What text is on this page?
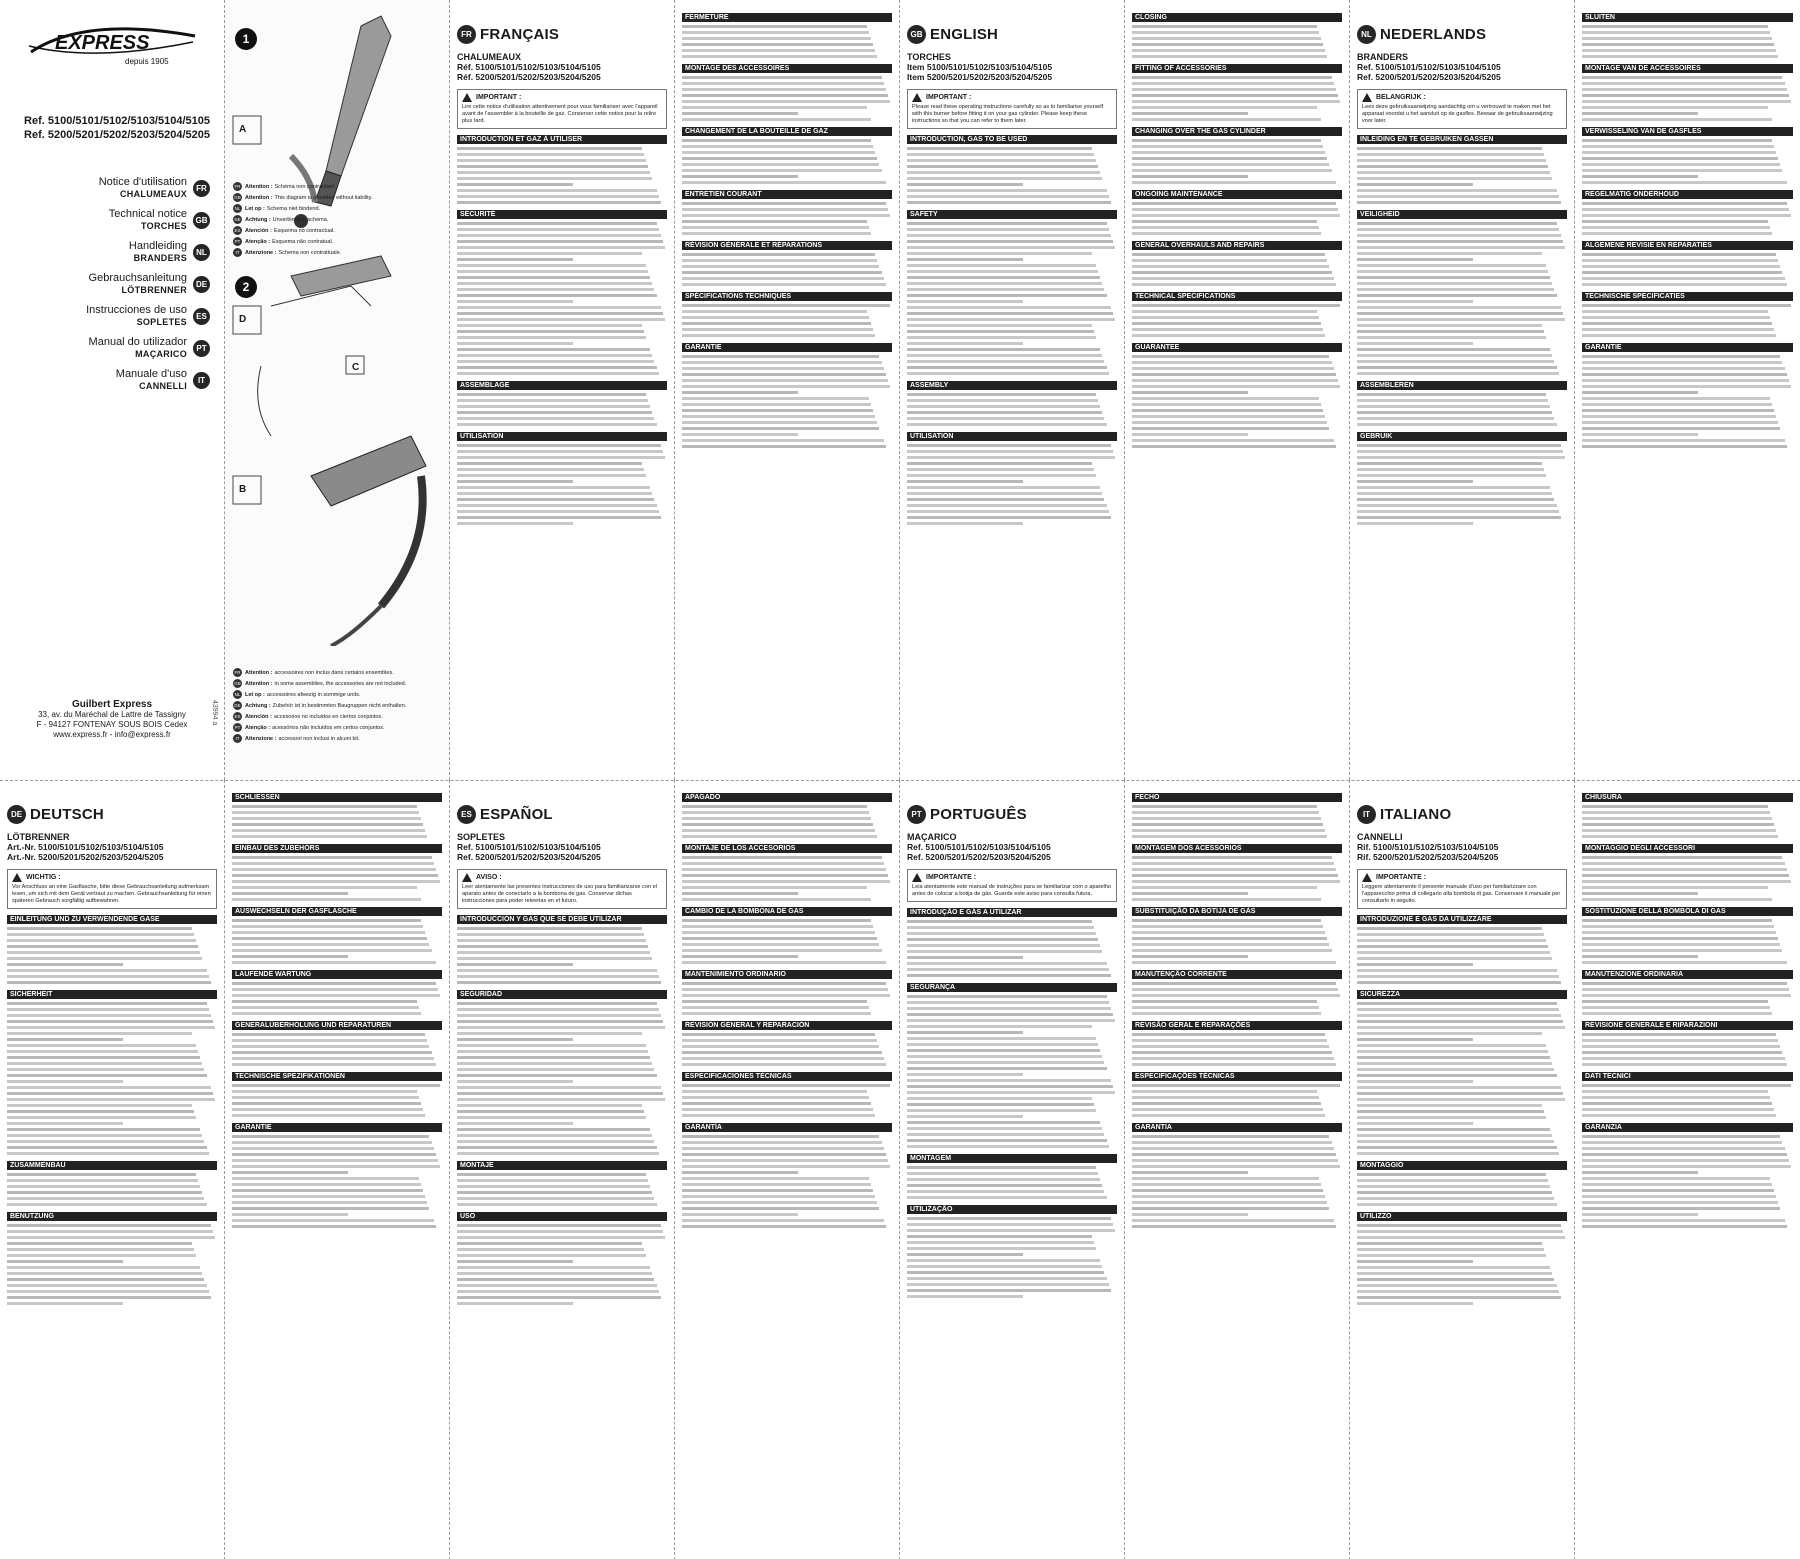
EXPRESS
depuis 1905
Ref. 5100/5101/5102/5103/5104/5105
Ref. 5200/5201/5202/5203/5204/5205
Notice d'utilisation
CHALUMEAUX
FR
Technical notice
TORCHES
GB
Handleiding
BRANDERS
NL
Gebrauchsanleitung
LÖTBRENNER
DE
Instrucciones de uso
SOPLETES
ES
Manual do utilizador
MAÇARICO
PT
Manuale d'uso
CANNELLI
IT
Guilbert Express
33, av. du Maréchal de Lattre de Tassigny
F - 94127 FONTENAY SOUS BOIS Cedex
www.express.fr - info@express.fr
43994 a
1
2
A
B
C
D
FR Attention : Schéma non contractuel.
GB Attention : This diagram is provided without liability.
NL Let op : Schema niet bindend.
DE Achtung : Unverbindlich schema.
ES Atención : Esquema no contractual.
PT Atenção : Esquema não contratual.
IT	Attenzione : Schema non contrattuale.
FR Attention : accessoires non inclus dans certains ensembles.
GB Attention : in some assemblies, the accessories are not included.
NL Let op : accessoires afwezig in sommige units.
DE Achtung : Zubehör ist in bestimmten Baugruppen nicht enthalten.
ES Atención : accesorios no incluidos en ciertos conjuntos.
PT Atenção : acessórios não incluídos em certos conjuntos.
IT	Attenzione : accessori non inclusi in alcuni kit.
FR FRANÇAIS
CHALUMEAUX
Réf. 5100/5101/5102/5103/5104/5105
Réf. 5200/5201/5202/5203/5204/5205
IMPORTANT :
Lire cette notice d'utilisation attentivement pour vous familiariser avec l'appareil avant de l'assembler à la bouteille de gaz. Conserver cette notice pour la relire plus tard.
INTRODUCTION ET GAZ À UTILISER
SÉCURITÉ
ASSEMBLAGE
UTILISATION
FERMETURE
MONTAGE DES ACCESSOIRES
CHANGEMENT DE LA BOUTEILLE DE GAZ
ENTRETIEN COURANT
RÉVISION GÉNÉRALE ET RÉPARATIONS
SPÉCIFICATIONS TECHNIQUES
GARANTIE
GB ENGLISH
TORCHES
Item 5100/5101/5102/5103/5104/5105
Item 5200/5201/5202/5203/5204/5205
IMPORTANT :
Please read these operating instructions carefully so as to familiarise yourself with this burner before fitting it on your gas cylinder. Please keep these instructions so that you can refer to them later.
INTRODUCTION, GAS TO BE USED
SAFETY
ASSEMBLY
UTILISATION
CLOSING
FITTING OF ACCESSORIES
CHANGING OVER THE GAS CYLINDER
ONGOING MAINTENANCE
GENERAL OVERHAULS AND REPAIRS
TECHNICAL SPECIFICATIONS
GUARANTEE
NL NEDERLANDS
BRANDERS
Ref. 5100/5101/5102/5103/5104/5105
Ref. 5200/5201/5202/5203/5204/5205
BELANGRIJK :
Lees deze gebruiksaanwijzing aandachtig om u vertrouwd te maken met het apparaat voordat u het aansluit op de gasfles. Bewaar de gebruiksaanwijzing voor later.
INLEIDING EN TE GEBRUIKEN GASSEN
VEILIGHEID
ASSEMBLEREN
GEBRUIK
SLUITEN
MONTAGE VAN DE ACCESSOIRES
VERWISSELING VAN DE GASFLES
REGELMATIG ONDERHOUD
ALGEMENE REVISIE EN REPARATIES
TECHNISCHE SPECIFICATIES
GARANTIE
DE DEUTSCH
LÖTBRENNER
Art.-Nr. 5100/5101/5102/5103/5104/5105
Art.-Nr. 5200/5201/5202/5203/5204/5205
WICHTIG :
Vor Anschluss an eine Gasflasche, bitte diese Gebrauchsanleitung aufmerksam lesen, um sich mit dem Gerät vertraut zu machen. Gebrauchsanleitung für einen späteren Gebrauch sorgfältig aufbewahren.
EINLEITUNG UND ZU VERWENDENDE GASE
SICHERHEIT
ZUSAMMENBAU
BENUTZUNG
SCHLIESSEN
EINBAU DES ZUBEHÖRS
AUSWECHSELN DER GASFLASCHE
LAUFENDE WARTUNG
GENERALÜBERHOLUNG UND REPARATUREN
TECHNISCHE SPEZIFIKATIONEN
GARANTIE
ES ESPAÑOL
SOPLETES
Ref. 5100/5101/5102/5103/5104/5105
Ref. 5200/5201/5202/5203/5204/5205
AVISO :
Leer atentamente las presentes instrucciones de uso para familiarizarse con el aparato antes de conectarlo a la bombona de gas. Conservar dichas instrucciones para poder releerlas en el futuro.
INTRODUCCIÓN Y GAS QUE SE DEBE UTILIZAR
SEGURIDAD
MONTAJE
USO
APAGADO
MONTAJE DE LOS ACCESORIOS
CAMBIO DE LA BOMBONA DE GAS
MANTENIMIENTO ORDINARIO
REVISIÓN GENERAL Y REPARACIÓN
ESPECIFICACIONES TÉCNICAS
GARANTÍA
PT PORTUGUÊS
MAÇARICO
Ref. 5100/5101/5102/5103/5104/5105
Ref. 5200/5201/5202/5203/5204/5205
IMPORTANTE :
Leia atentamente este manual de instruções para se familiarizar com o aparelho antes de colocar a botija de gás. Guarde este aviso para consulta futura.
INTRODUÇÃO E GÁS A UTILIZAR
SEGURANÇA
MONTAGEM
UTILIZAÇÃO
FECHO
MONTAGEM DOS ACESSÓRIOS
SUBSTITUIÇÃO DA BOTIJA DE GÁS
MANUTENÇÃO CORRENTE
REVISÃO GERAL E REPARAÇÕES
ESPECIFICAÇÕES TÉCNICAS
GARANTIA
IT ITALIANO
CANNELLI
Rif. 5100/5101/5102/5103/5104/5105
Rif. 5200/5201/5202/5203/5204/5205
IMPORTANTE :
Leggere attentamente il presente manuale d'uso per familiarizzare con l'apparecchio prima di collegarlo alla bombola di gas. Conservare il manuale per consultarlo in seguito.
INTRODUZIONE E GAS DA UTILIZZARE
SICUREZZA
MONTAGGIO
UTILIZZO
CHIUSURA
MONTAGGIO DEGLI ACCESSORI
SOSTITUZIONE DELLA BOMBOLA DI GAS
MANUTENZIONE ORDINARIA
REVISIONE GENERALE E RIPARAZIONI
DATI TECNICI
GARANZIA
